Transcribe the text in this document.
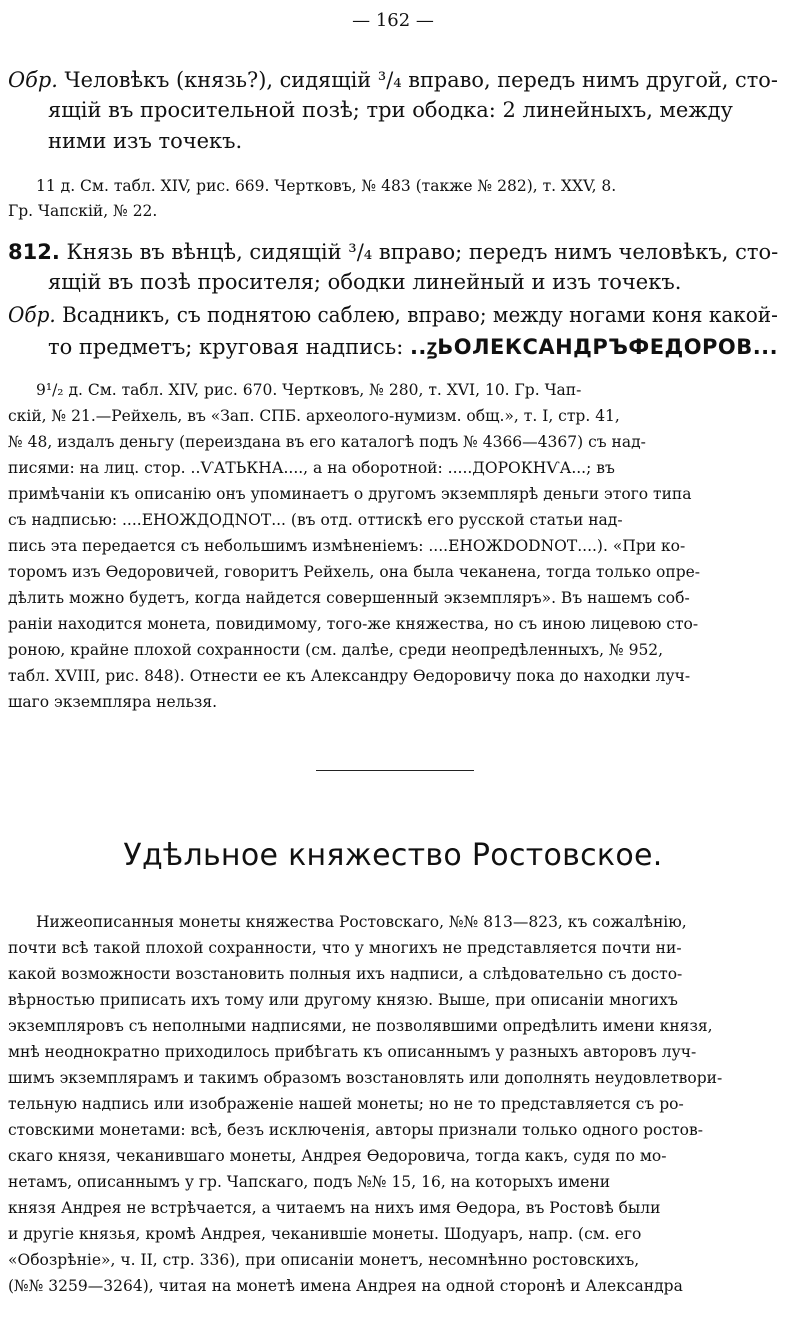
— 162 —
Обр. Человѣкъ (князь?), сидящій ³/₄ вправо, передъ нимъ другой, сто-
ящій въ просительной позѣ; три ободка: 2 линейныхъ, между
ними изъ точекъ.
11 д. См. табл. XIV, рис. 669. Чертковъ, № 483 (также № 282), т. XXV, 8.
Гр. Чапскій, № 22.
812. Князь въ вѣнцѣ, сидящій ³/₄ вправо; передъ нимъ человѣкъ, сто-
ящій въ позѣ просителя; ободки линейный и изъ точекъ.
Обр. Всадникъ, съ поднятою саблею, вправо; между ногами коня какой-
то предметъ; круговая надпись: ..ꙁЬОЛЕКСАНДРЪФЕДОРОВ...
9¹/₂ д. См. табл. XIV, рис. 670. Чертковъ, № 280, т. XVI, 10. Гр. Чап-
скій, № 21.—Рейхель, въ «Зап. СПБ. археолого-нумизм. общ.», т. I, стр. 41,
№ 48, издалъ деньгу (переиздана въ его каталогѣ подъ № 4366—4367) съ над-
писями: на лиц. стор. ..ѴАТЬКНА...., а на оборотной: .....ДОРОКНѴА...; въ
примѣчаніи къ описанію онъ упоминаетъ о другомъ экземплярѣ деньги этого типа
съ надписью: ....ЕНОЖДОДNОТ... (въ отд. оттискѣ его русской статьи над-
пись эта передается съ небольшимъ измѣненіемъ: ....ЕНОЖDОDNОТ....). «При ко-
торомъ изъ Ѳедоровичей, говоритъ Рейхель, она была чеканена, тогда только опре-
дѣлить можно будетъ, когда найдется совершенный экземпляръ». Въ нашемъ соб-
раніи находится монета, повидимому, того-же княжества, но съ иною лицевою сто-
роною, крайне плохой сохранности (см. далѣе, среди неопредѣленныхъ, № 952,
табл. XVIII, рис. 848). Отнести ее къ Александру Ѳедоровичу пока до находки луч-
шаго экземпляра нельзя.
Удѣльное княжество Ростовское.
Нижеописанныя монеты княжества Ростовскаго, №№ 813—823, къ сожалѣнію,
почти всѣ такой плохой сохранности, что у многихъ не представляется почти ни-
какой возможности возстановить полныя ихъ надписи, а слѣдовательно съ досто-
вѣрностью приписать ихъ тому или другому князю. Выше, при описаніи многихъ
экземпляровъ съ неполными надписями, не позволявшими опредѣлить имени князя,
мнѣ неоднократно приходилось прибѣгать къ описаннымъ у разныхъ авторовъ луч-
шимъ экземплярамъ и такимъ образомъ возстановлять или дополнять неудовлетвори-
тельную надпись или изображеніе нашей монеты; но не то представляется съ ро-
стовскими монетами: всѣ, безъ исключенія, авторы признали только одного ростов-
скаго князя, чеканившаго монеты, Андрея Ѳедоровича, тогда какъ, судя по мо-
нетамъ, описаннымъ у гр. Чапскаго, подъ №№ 15, 16, на которыхъ имени
князя Андрея не встрѣчается, а читаемъ на нихъ имя Ѳедора, въ Ростовѣ были
и другіе князья, кромѣ Андрея, чеканившіе монеты. Шодуаръ, напр. (см. его
«Обозрѣніе», ч. II, стр. 336), при описаніи монетъ, несомнѣнно ростовскихъ,
(№№ 3259—3264), читая на монетѣ имена Андрея на одной сторонѣ и Александра
